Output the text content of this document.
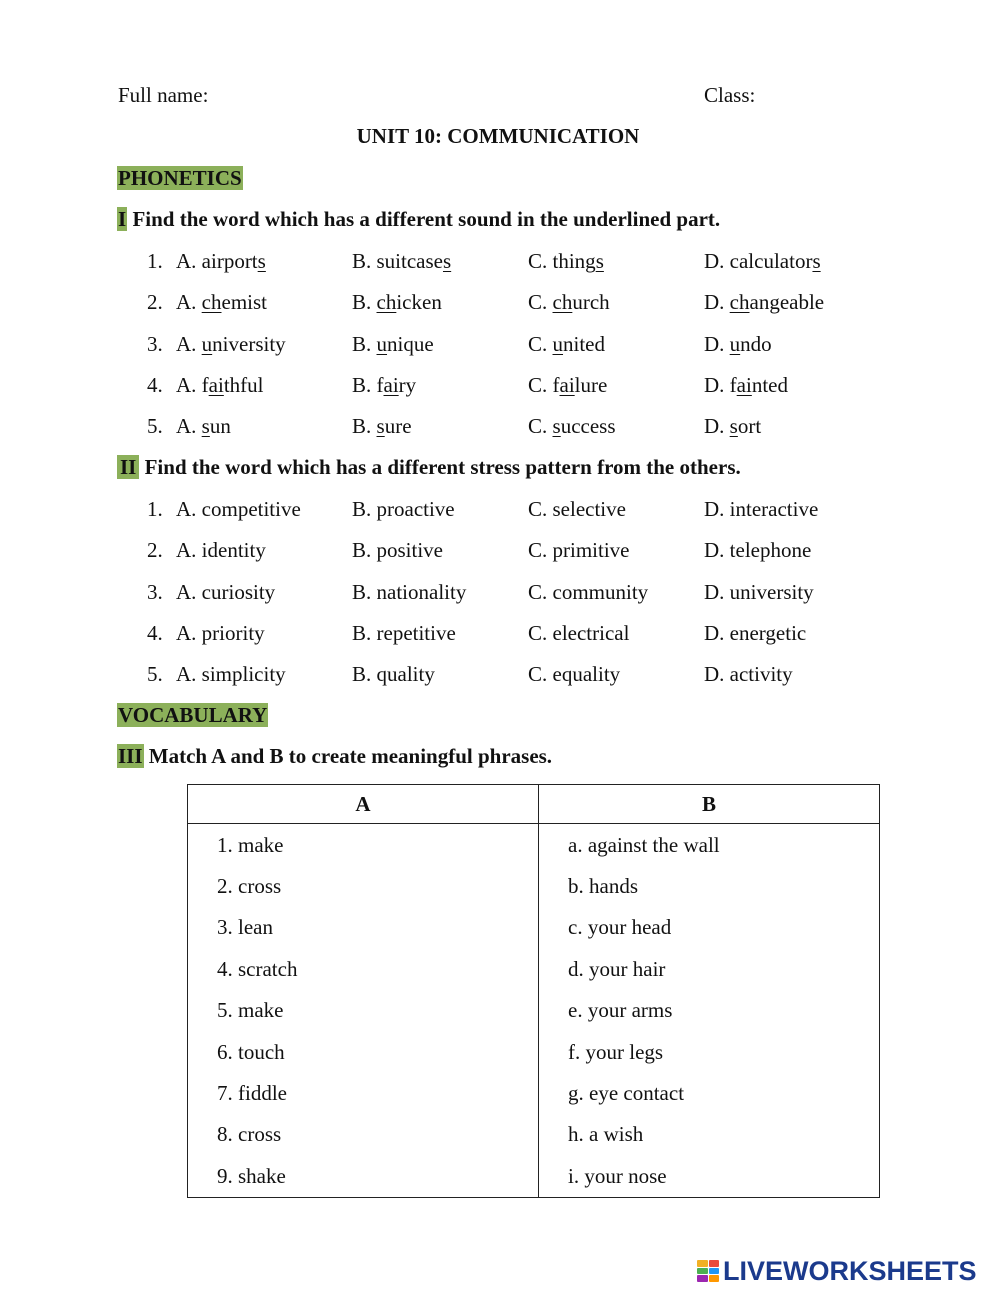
Full name:	Class:
UNIT 10: COMMUNICATION
PHONETICS
I Find the word which has a different sound in the underlined part.
1. A. airports	B. suitcases	C. things	D. calculators
2. A. chemist	B. chicken	C. church	D. changeable
3. A. university	B. unique	C. united	D. undo
4. A. faithful	B. fairy	C. failure	D. fainted
5. A. sun	B. sure	C. success	D. sort
II Find the word which has a different stress pattern from the others.
1. A. competitive B. proactive	C. selective	D. interactive
2. A. identity	B. positive	C. primitive	D. telephone
3. A. curiosity	B. nationality	C. community	D. university
4. A. priority	B. repetitive	C. electrical	D. energetic
5. A. simplicity	B. quality	C. equality	D. activity
VOCABULARY
III Match A and B to create meaningful phrases.
A	B
1. make	a. against the wall
2. cross	b. hands
3. lean	c. your head
4. scratch	d. your hair
5. make	e. your arms
6. touch	f. your legs
7. fiddle	g. eye contact
8. cross	h. a wish
9. shake	i. your nose
LIVEWORKSHEETS
